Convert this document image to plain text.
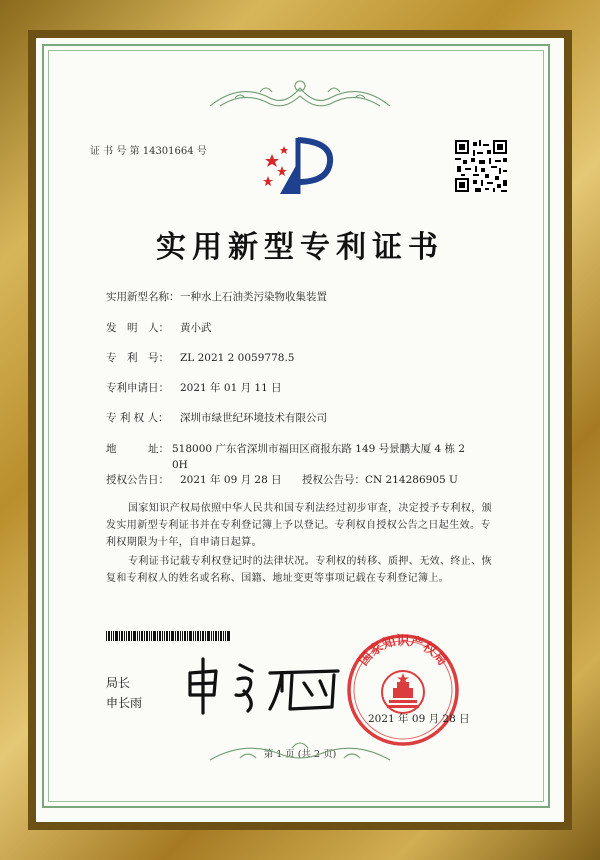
证 书 号 第 14301664 号
实用新型专利证书
实用新型名称：一种水上石油类污染物收集装置
发　明　人： 黄小武
专　利　号： ZL 2021 2 0059778.5
专利申请日： 2021 年 01 月 11 日
专 利 权 人： 深圳市绿世纪环境技术有限公司
地　　　址： 518000 广东省深圳市福田区商报东路 149 号景鹏大厦 4 栋 2 0H
授权公告日： 2021 年 09 月 28 日 授权公告号：CN 214286905 U
国家知识产权局依照中华人民共和国专利法经过初步审查，决定授予专利权，颁发实用新型专利证书并在专利登记簿上予以登记。专利权自授权公告之日起生效。专利权期限为十年，自申请日起算。
专利证书记载专利权登记时的法律状况。专利权的转移、质押、无效、终止、恢复和专利权人的姓名或名称、国籍、地址变更等事项记载在专利登记簿上。
局长
申长雨
国家知识产权局
2021 年 09 月 28 日
第 1 页 (共 2 页)
